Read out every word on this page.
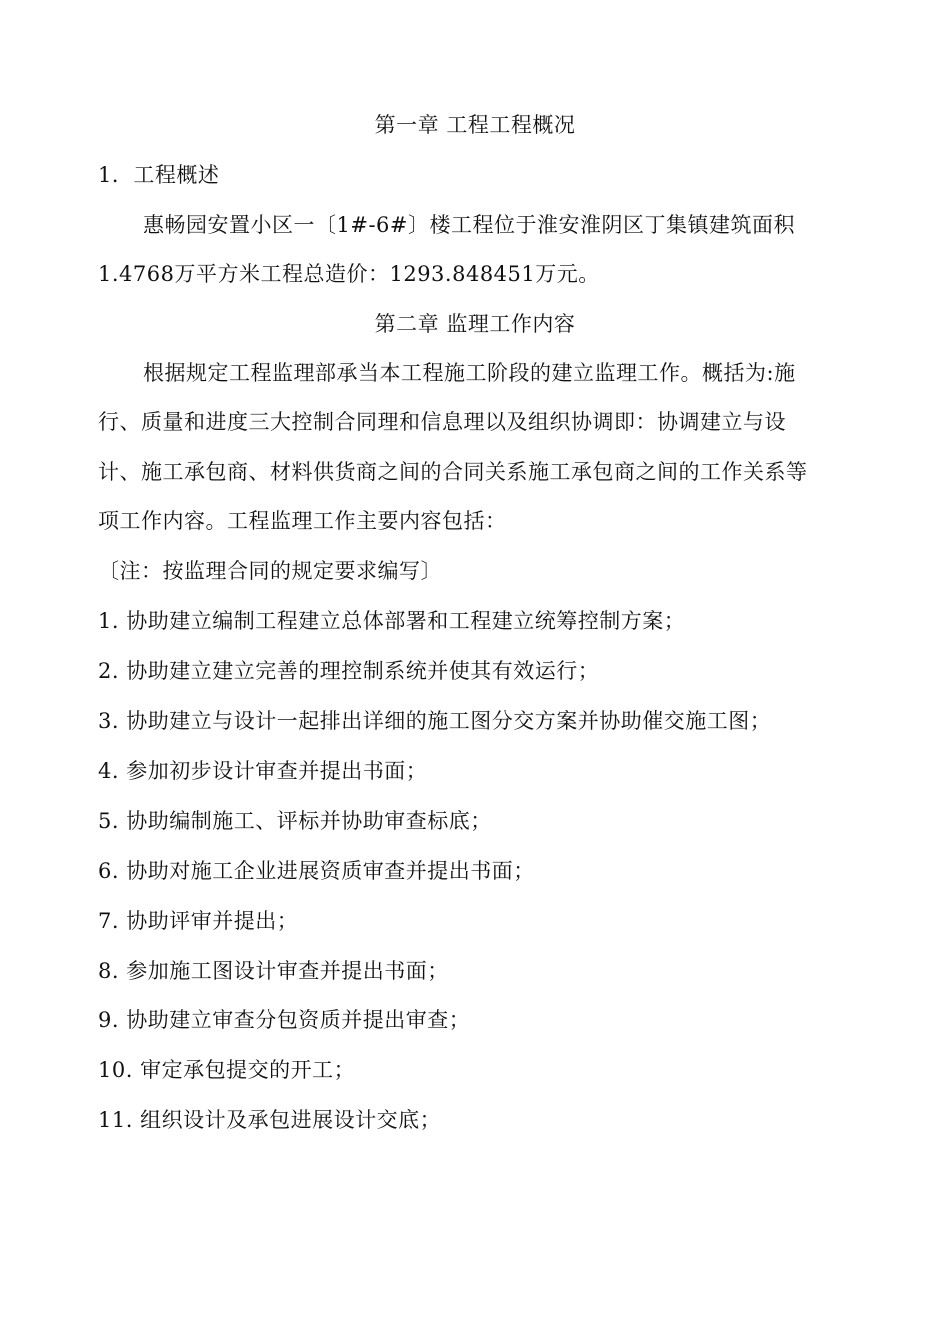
第一章 工程工程概况
1．工程概述
惠畅园安置小区一〔1#-6#〕楼工程位于淮安淮阴区丁集镇建筑面积
1.4768万平方米工程总造价：1293.848451万元。
第二章 监理工作内容
根据规定工程监理部承当本工程施工阶段的建立监理工作。概括为:施
行、质量和进度三大控制合同理和信息理以及组织协调即：协调建立与设
计、施工承包商、材料供货商之间的合同关系施工承包商之间的工作关系等
项工作内容。工程监理工作主要内容包括：
〔注：按监理合同的规定要求编写〕
1. 协助建立编制工程建立总体部署和工程建立统筹控制方案；
2. 协助建立建立完善的理控制系统并使其有效运行；
3. 协助建立与设计一起排出详细的施工图分交方案并协助催交施工图；
4. 参加初步设计审查并提出书面；
5. 协助编制施工、评标并协助审查标底；
6. 协助对施工企业进展资质审查并提出书面；
7. 协助评审并提出；
8. 参加施工图设计审查并提出书面；
9. 协助建立审查分包资质并提出审查；
10. 审定承包提交的开工；
11. 组织设计及承包进展设计交底；
